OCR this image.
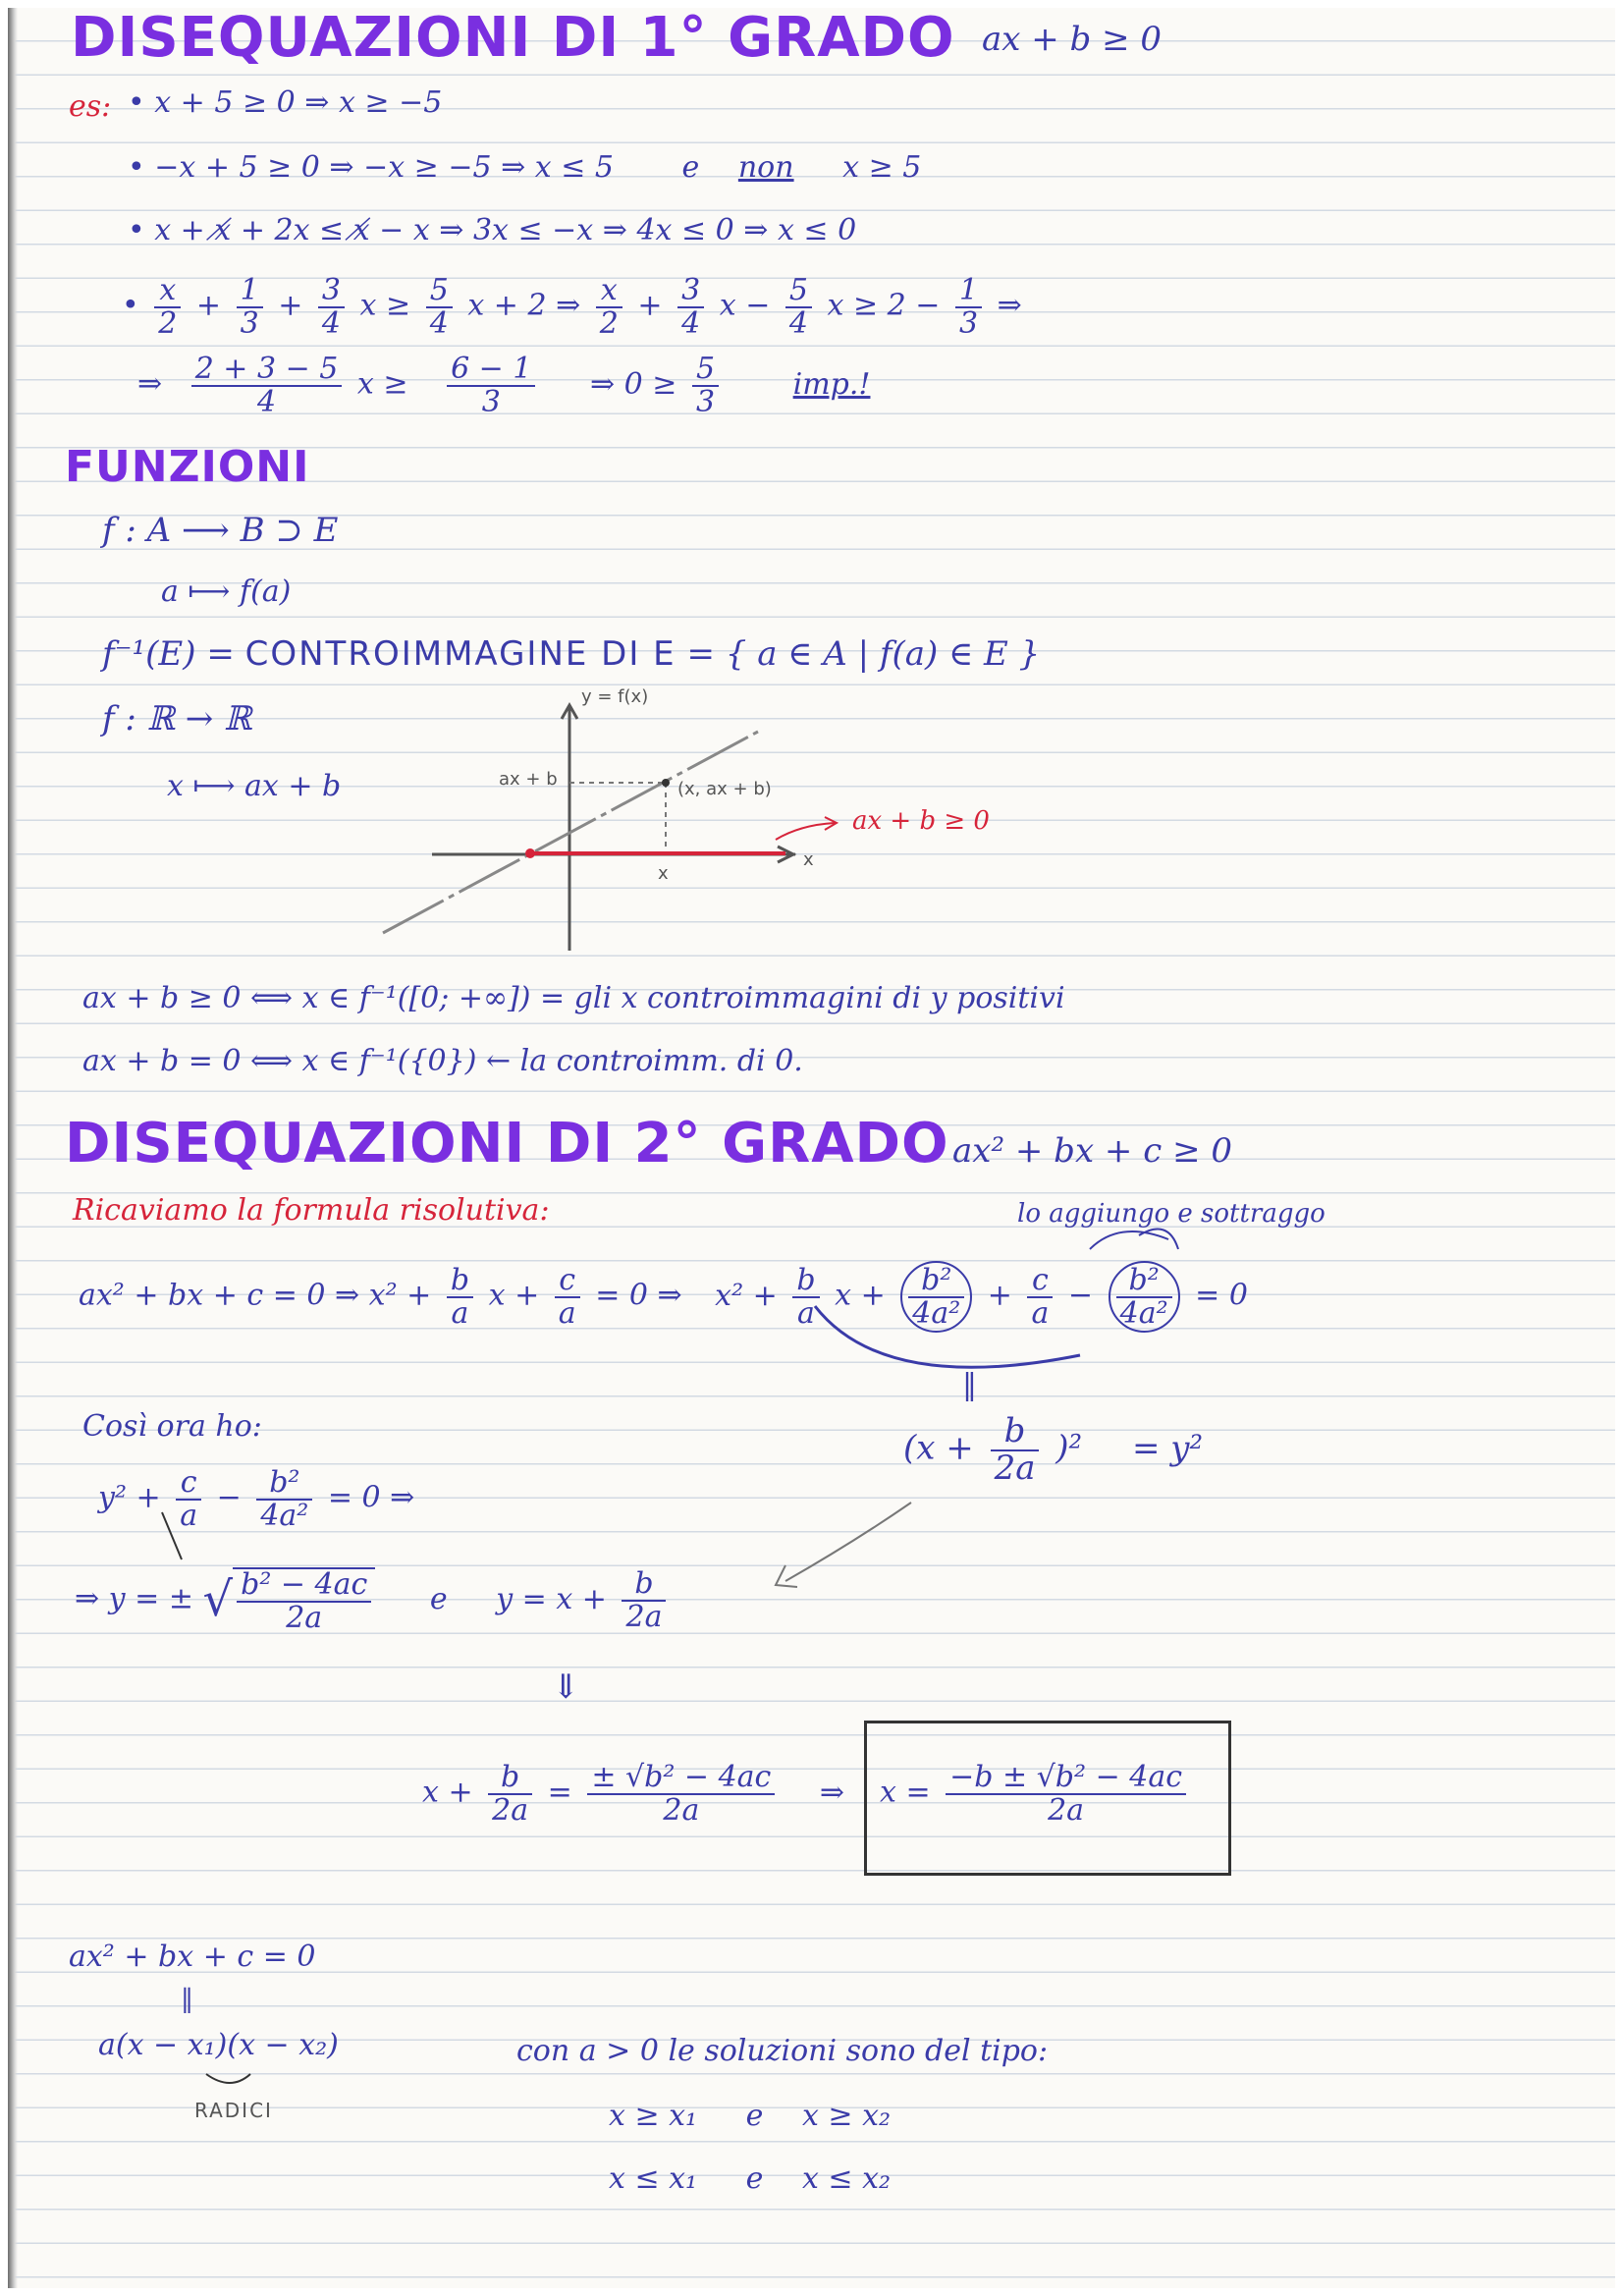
DISEQUAZIONI DI 1° GRADO ax + b ≥ 0
es: • x + 5 ≥ 0 ⇒ x ≥ −5
• −x + 5 ≥ 0 ⇒ −x ≥ −5 ⇒ x ≤ 5 e non x ≥ 5
• x + 𝑥̸ + 2x ≤ 𝑥̸ − x ⇒ 3x ≤ −x ⇒ 4x ≤ 0 ⇒ x ≤ 0
• $\frac{x}{2} + \frac{1}{3} + \frac{3}{4}$ $x \ge \frac{5}{4}$ x + 2 ⇒ $\frac{x}{2} + \frac{3}{4}$ $x - \frac{5}{4}$ $x \ge 2 - \frac{1}{3}$ ⇒
⇒ $\frac{2 + 3 - 5}{4}$ $x \ge \frac{6 - 1}{3}$ ⇒ $0 \ge \frac{5}{3}$	imp.!
FUNZIONI
f : A ⟶ B ⊃ E
a ⟼ f(a)
f⁻¹(E) = CONTROIMMAGINE DI E = { a ∈ A | f(a) ∈ E }
f : ℝ → ℝ
x ⟼ ax + b
y = f(x)
ax + b	(x, ax + b)
x
x
ax + b ≥ 0
ax + b ≥ 0 ⟺ x ∈ f⁻¹([0; +∞]) = gli x controimmagini di y positivi
ax + b = 0 ⟺ x ∈ f⁻¹({0}) ← la controimm. di 0.
DISEQUAZIONI DI 2° GRADO ax² + bx + c ≥ 0
Ricaviamo la formula risolutiva:	lo aggiungo e sottraggo
ax² + bx + c = 0 ⇒ $x^2 + \frac{b}{a}$ $x + \frac{c}{a} = 0$ ⇒ $x^2 + \frac{b}{a}$ $x + \frac{\text{b²}}{\text{4a²}} + \frac{c}{a} - \frac{\text{b²}}{\text{4a²}} = 0$
‖
$(x + \frac{b}{2a} )^2 = y^2$
Così ora ho:
$y^2 + \frac{c}{a} - \frac{\text{b²}}{\text{4a²}} = 0$ ⇒
⇒ y = ± √ $\frac{\text{b² − 4ac}}{2a}$ e $y = x + \frac{b}{2a}$
⇓
$x + \frac{b}{2a} = \frac{\text{± √b² − 4ac}}{2a}$ ⇒ $x = \frac{\text{−b ± √b² − 4ac}}{2a}$
ax² + bx + c = 0
‖
a(x − x₁)(x − x₂)
RADICI
con a > 0 le soluzioni sono del tipo:
x ≥ x₁ e x ≥ x₂
x ≤ x₁ e x ≤ x₂
